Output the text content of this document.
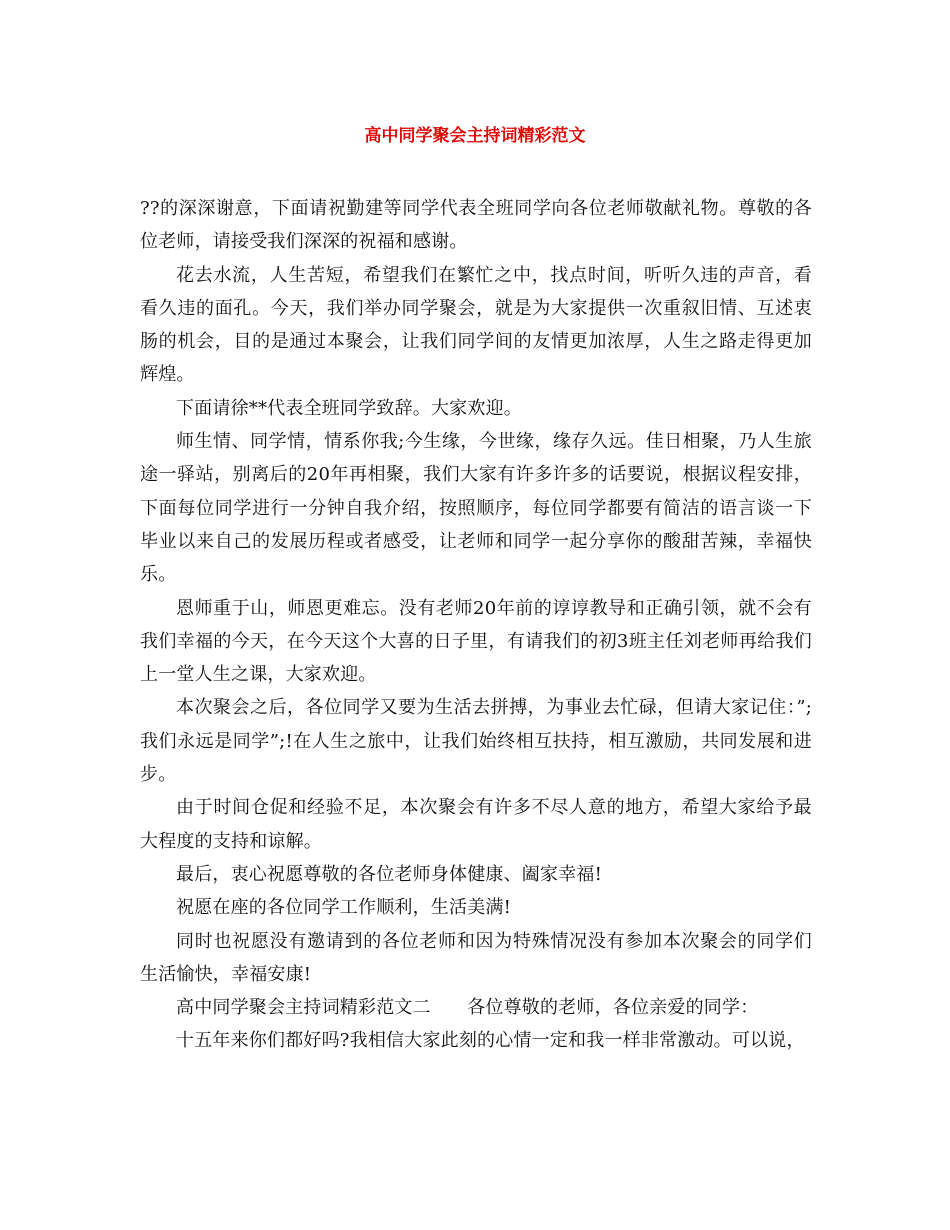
高中同学聚会主持词精彩范文

??的深深谢意，下面请祝勤建等同学代表全班同学向各位老师敬献礼物。尊敬的各位老师，请接受我们深深的祝福和感谢。

花去水流，人生苦短，希望我们在繁忙之中，找点时间，听听久违的声音，看看久违的面孔。今天，我们举办同学聚会，就是为大家提供一次重叙旧情、互述衷肠的机会，目的是通过本聚会，让我们同学间的友情更加浓厚，人生之路走得更加辉煌。

下面请徐**代表全班同学致辞。大家欢迎。

师生情、同学情，情系你我;今生缘，今世缘，缘存久远。佳日相聚，乃人生旅途一驿站，别离后的20年再相聚，我们大家有许多许多的话要说，根据议程安排，下面每位同学进行一分钟自我介绍，按照顺序，每位同学都要有简洁的语言谈一下毕业以来自己的发展历程或者感受，让老师和同学一起分享你的酸甜苦辣，幸福快乐。

恩师重于山，师恩更难忘。没有老师20年前的谆谆教导和正确引领，就不会有我们幸福的今天，在今天这个大喜的日子里，有请我们的初3班主任刘老师再给我们上一堂人生之课，大家欢迎。

本次聚会之后，各位同学又要为生活去拼搏，为事业去忙碌，但请大家记住：”;我们永远是同学”;!在人生之旅中，让我们始终相互扶持，相互激励，共同发展和进步。

由于时间仓促和经验不足，本次聚会有许多不尽人意的地方，希望大家给予最大程度的支持和谅解。

最后，衷心祝愿尊敬的各位老师身体健康、阖家幸福!

祝愿在座的各位同学工作顺利，生活美满!

同时也祝愿没有邀请到的各位老师和因为特殊情况没有参加本次聚会的同学们生活愉快，幸福安康!

高中同学聚会主持词精彩范文二　　各位尊敬的老师，各位亲爱的同学：

十五年来你们都好吗?我相信大家此刻的心情一定和我一样非常激动。可以说，
